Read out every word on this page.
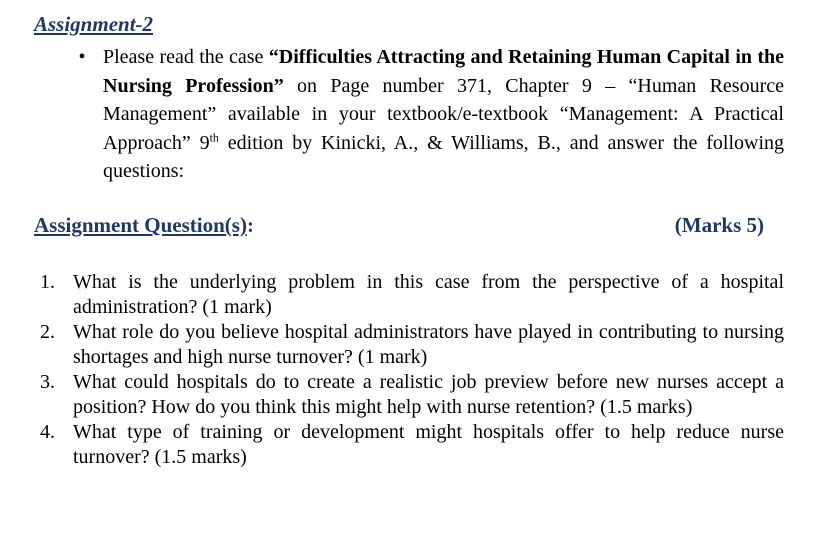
Assignment-2
• Please read the case “Difficulties Attracting and Retaining Human Capital in the Nursing Profession” on Page number 371, Chapter 9 – “Human Resource Management” available in your textbook/e-textbook “Management: A Practical Approach” 9th edition by Kinicki, A., & Williams, B., and answer the following questions:
Assignment Question(s):	(Marks 5)
1. What is the underlying problem in this case from the perspective of a hospital administration? (1 mark)
2. What role do you believe hospital administrators have played in contributing to nursing shortages and high nurse turnover? (1 mark)
3. What could hospitals do to create a realistic job preview before new nurses accept a position? How do you think this might help with nurse retention? (1.5 marks)
4. What type of training or development might hospitals offer to help reduce nurse turnover? (1.5 marks)
